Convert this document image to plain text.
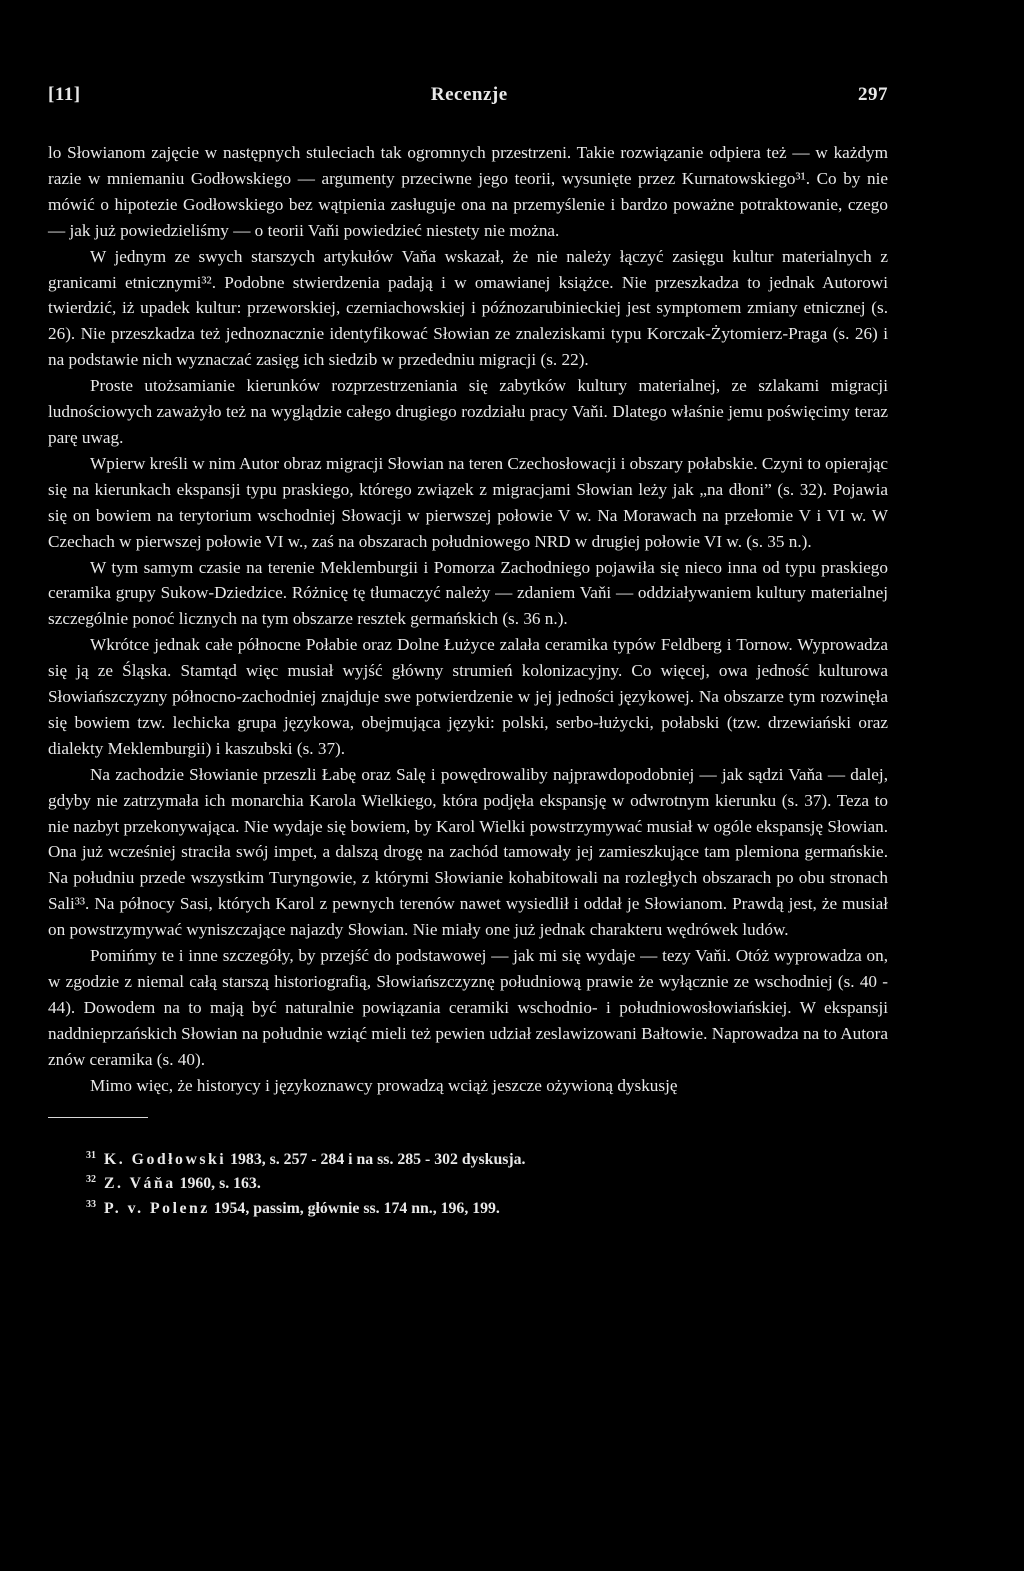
[11]	Recenzje	297

lo Słowianom zajęcie w następnych stuleciach tak ogromnych przestrzeni. Takie rozwiązanie odpiera też — w każdym razie w mniemaniu Godłowskiego — argumenty przeciwne jego teorii, wysunięte przez Kurnatowskiego³¹. Co by nie mówić o hipotezie Godłowskiego bez wątpienia zasługuje ona na przemyślenie i bardzo poważne potraktowanie, czego — jak już powiedzieliśmy — o teorii Vaňi powiedzieć niestety nie można.

W jednym ze swych starszych artykułów Vaňa wskazał, że nie należy łączyć zasięgu kultur materialnych z granicami etnicznymi³². Podobne stwierdzenia padają i w omawianej książce. Nie przeszkadza to jednak Autorowi twierdzić, iż upadek kultur: przeworskiej, czerniachowskiej i późnozarubinieckiej jest symptomem zmiany etnicznej (s. 26). Nie przeszkadza też jednoznacznie identyfikować Słowian ze znaleziskami typu Korczak-Żytomierz-Praga (s. 26) i na podstawie nich wyznaczać zasięg ich siedzib w przededniu migracji (s. 22).

Proste utożsamianie kierunków rozprzestrzeniania się zabytków kultury materialnej, ze szlakami migracji ludnościowych zaważyło też na wyglądzie całego drugiego rozdziału pracy Vaňi. Dlatego właśnie jemu poświęcimy teraz parę uwag.

Wpierw kreśli w nim Autor obraz migracji Słowian na teren Czechosłowacji i obszary połabskie. Czyni to opierając się na kierunkach ekspansji typu praskiego, którego związek z migracjami Słowian leży jak „na dłoni” (s. 32). Pojawia się on bowiem na terytorium wschodniej Słowacji w pierwszej połowie V w. Na Morawach na przełomie V i VI w. W Czechach w pierwszej połowie VI w., zaś na obszarach południowego NRD w drugiej połowie VI w. (s. 35 n.).

W tym samym czasie na terenie Meklemburgii i Pomorza Zachodniego pojawiła się nieco inna od typu praskiego ceramika grupy Sukow-Dziedzice. Różnicę tę tłumaczyć należy — zdaniem Vaňi — oddziaływaniem kultury materialnej szczególnie ponoć licznych na tym obszarze resztek germańskich (s. 36 n.).

Wkrótce jednak całe północne Połabie oraz Dolne Łużyce zalała ceramika typów Feldberg i Tornow. Wyprowadza się ją ze Śląska. Stamtąd więc musiał wyjść główny strumień kolonizacyjny. Co więcej, owa jedność kulturowa Słowiańszczyzny północno-zachodniej znajduje swe potwierdzenie w jej jedności językowej. Na obszarze tym rozwinęła się bowiem tzw. lechicka grupa językowa, obejmująca języki: polski, serbo-łużycki, połabski (tzw. drzewiański oraz dialekty Meklemburgii) i kaszubski (s. 37).

Na zachodzie Słowianie przeszli Łabę oraz Salę i powędrowaliby najprawdopodobniej — jak sądzi Vaňa — dalej, gdyby nie zatrzymała ich monarchia Karola Wielkiego, która podjęła ekspansję w odwrotnym kierunku (s. 37). Teza to nie nazbyt przekonywająca. Nie wydaje się bowiem, by Karol Wielki powstrzymywać musiał w ogóle ekspansję Słowian. Ona już wcześniej straciła swój impet, a dalszą drogę na zachód tamowały jej zamieszkujące tam plemiona germańskie. Na południu przede wszystkim Turyngowie, z którymi Słowianie kohabitowali na rozległych obszarach po obu stronach Sali³³. Na północy Sasi, których Karol z pewnych terenów nawet wysiedlił i oddał je Słowianom. Prawdą jest, że musiał on powstrzymywać wyniszczające najazdy Słowian. Nie miały one już jednak charakteru wędrówek ludów.

Pomińmy te i inne szczegóły, by przejść do podstawowej — jak mi się wydaje — tezy Vaňi. Otóż wyprowadza on, w zgodzie z niemal całą starszą historiografią, Słowiańszczyznę południową prawie że wyłącznie ze wschodniej (s. 40 - 44). Dowodem na to mają być naturalnie powiązania ceramiki wschodnio- i południowosłowiańskiej. W ekspansji naddnieprzańskich Słowian na południe wziąć mieli też pewien udział zeslawizowani Bałtowie. Naprowadza na to Autora znów ceramika (s. 40).

Mimo więc, że historycy i językoznawcy prowadzą wciąż jeszcze ożywioną dyskusję

31 K. Godłowski 1983, s. 257 - 284 i na ss. 285 - 302 dyskusja.
32 Z. Váňa 1960, s. 163.
33 P. v. Polenz 1954, passim, głównie ss. 174 nn., 196, 199.
